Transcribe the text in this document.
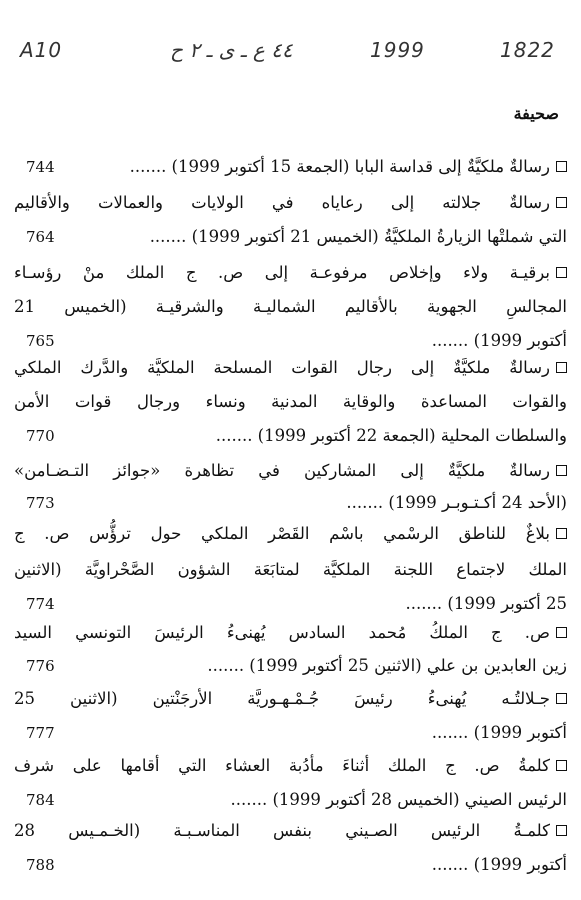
A10	٤٤ ع ـ ى ـ ٢ ح	1999	1822
صحيفة
رسالةٌ ملكيَّةٌ إلى قداسة البابا (الجمعة 15 أكتوبر 1999) .......
744
رسالةٌ جلالته إلى رعاياه في الولايات والعمالات والأقاليم
التي شملتْها الزيارةُ الملكيَّةُ (الخميس 21 أكتوبر 1999) .......
764
برقيـة ولاء وإخلاص مرفوعـة إلى ص. ج الملك منْ رؤسـاء
المجالسِ الجهوية بالأقاليم الشماليـة والشرقيـة (الخميس 21
أكتوبر 1999) .......
765
رسالةٌ ملكيَّةٌ إلى رجال القوات المسلحة الملكيَّة والدَّرك الملكي
والقوات المساعدة والوقاية المدنية ونساء ورجال قوات الأمن
والسلطات المحلية (الجمعة 22 أكتوبر 1999) .......
770
رسالةٌ ملكيَّةٌ إلى المشاركين في تظاهرة «جوائز التـضـامن»
(الأحد 24 أكـتـوبـر 1999) .......
773
بلاغٌ للناطق الرسْمي باسْم القَصْر الملكي حول ترؤُّس ص. ج
الملك لاجتماع اللجنة الملكيَّة لمتابَعَة الشؤون الصَّحْراويَّة (الاثنين
25 أكتوبر 1999) .......
774
ص. ج الملكُ مُحمد السادس يُهنىءُ الرئيسَ التونسي السيد
زين العابدين بن علي (الاثنين 25 أكتوبر 1999) .......
776
جـلالتُـه يُهنىءُ رئيسَ جُـمْـهـوريَّة الأرجَنْتين (الاثنين 25
أكتوبر 1999) .......
777
كلمةُ ص. ج الملك أثناءَ مأدُبة العشاء التي أقامها على شرف
الرئيس الصيني (الخميس 28 أكتوبر 1999) .......
784
كلمـةُ الرئيس الصـيني بنفس المناسـبـة (الخـمـيس 28
أكتوبر 1999) .......
788
